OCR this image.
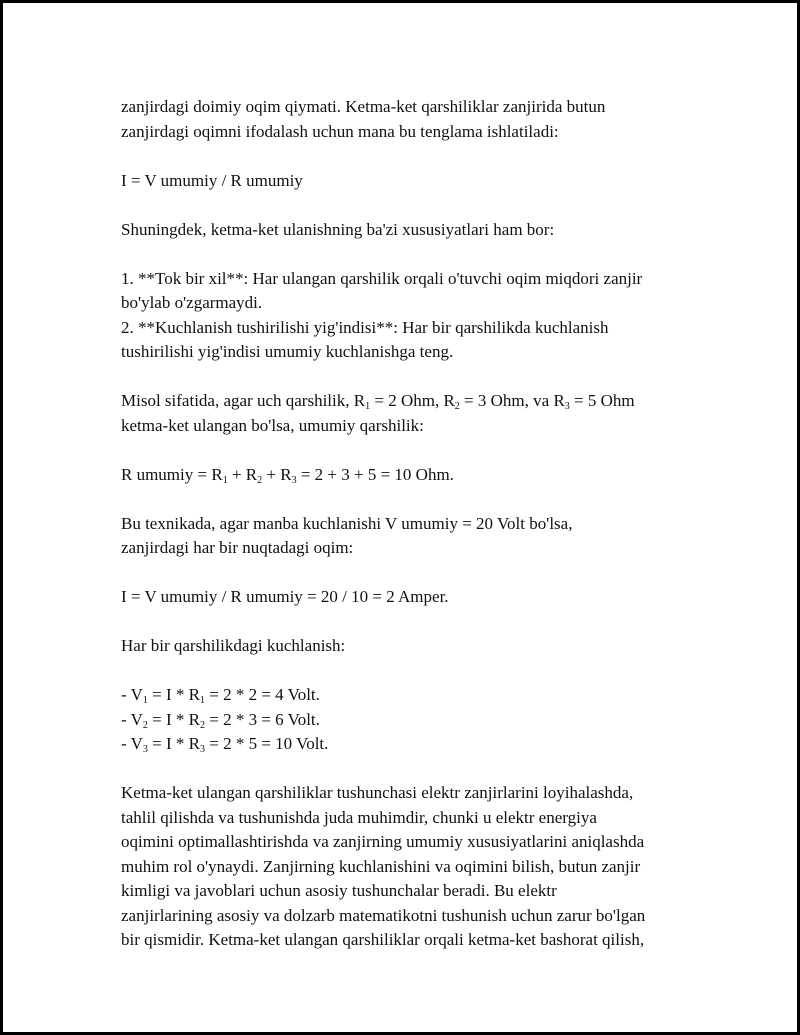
zanjirdagi doimiy oqim qiymati. Ketma-ket qarshiliklar zanjirida butun

zanjirdagi oqimni ifodalash uchun mana bu tenglama ishlatiladi:

I = V umumiy / R umumiy

Shuningdek, ketma-ket ulanishning ba'zi xususiyatlari ham bor:

1. **Tok bir xil**: Har ulangan qarshilik orqali o'tuvchi oqim miqdori zanjir

bo'ylab o'zgarmaydi.

2. **Kuchlanish tushirilishi yig'indisi**: Har bir qarshilikda kuchlanish

tushirilishi yig'indisi umumiy kuchlanishga teng.

Misol sifatida, agar uch qarshilik, $R_1 = 2$ Ohm, $R_2 = 3$ Ohm, va $R_3 = 5$ Ohm

ketma-ket ulangan bo'lsa, umumiy qarshilik:

R umumiy = $R_1 + R_2 + R_3 = 2 + 3 + 5 = 10$ Ohm.

Bu texnikada, agar manba kuchlanishi V umumiy = 20 Volt bo'lsa,

zanjirdagi har bir nuqtadagi oqim:

I = V umumiy / R umumiy = 20 / 10 = 2 Amper.

Har bir qarshilikdagi kuchlanish:

- $V_1 = I * R_1 = 2 * 2 = 4$ Volt.

- $V_2 = I * R_2 = 2 * 3 = 6$ Volt.

- $V_3 = I * R_3 = 2 * 5 = 10$ Volt.

Ketma-ket ulangan qarshiliklar tushunchasi elektr zanjirlarini loyihalashda,

tahlil qilishda va tushunishda juda muhimdir, chunki u elektr energiya

oqimini optimallashtirishda va zanjirning umumiy xususiyatlarini aniqlashda

muhim rol o'ynaydi. Zanjirning kuchlanishini va oqimini bilish, butun zanjir

kimligi va javoblari uchun asosiy tushunchalar beradi. Bu elektr

zanjirlarining asosiy va dolzarb matematikotni tushunish uchun zarur bo'lgan

bir qismidir. Ketma-ket ulangan qarshiliklar orqali ketma-ket bashorat qilish,
